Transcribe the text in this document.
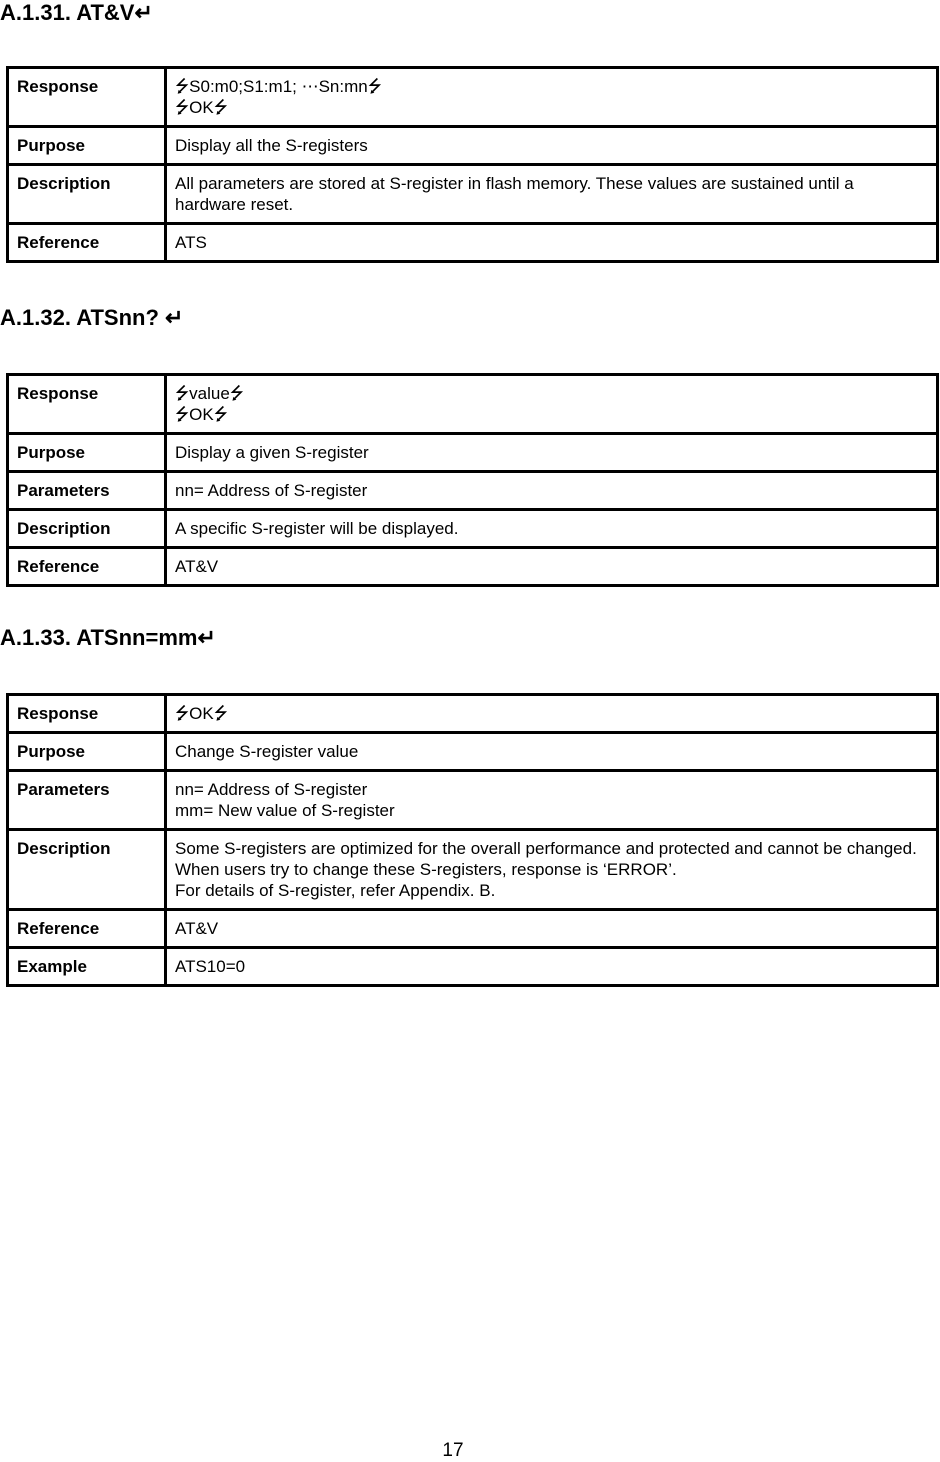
A.1.31. AT&V↵
Response	⭍S0:m0;S1:m1; ⋯Sn:mn⭍
⭍OK⭍

Purpose	Display all the S-registers

Description	All parameters are stored at S-register in flash memory. These values are sustained until a hardware reset.

Reference	ATS
A.1.32. ATSnn? ↵
Response	⭍value⭍
⭍OK⭍

Purpose	Display a given S-register

Parameters	nn= Address of S-register

Description	A specific S-register will be displayed.

Reference	AT&V
A.1.33. ATSnn=mm↵
Response	⭍OK⭍

Purpose	Change S-register value

Parameters	nn= Address of S-register
mm= New value of S-register

Description	Some S-registers are optimized for the overall performance and protected and cannot be changed. When users try to change these S-registers, response is ‘ERROR’.
For details of S-register, refer Appendix. B.

Reference	AT&V

Example	ATS10=0
17
